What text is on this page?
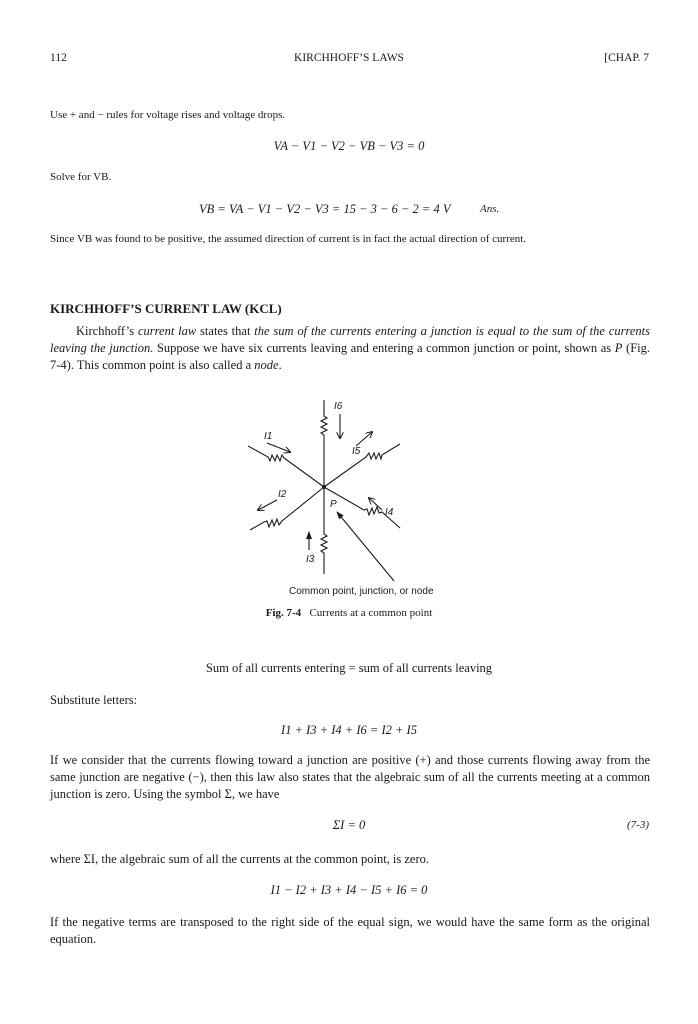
112	KIRCHHOFF’S LAWS	[CHAP. 7
Use + and − rules for voltage rises and voltage drops.
VA − V1 − V2 − VB − V3 = 0
Solve for VB.
VB = VA − V1 − V2 − V3 = 15 − 3 − 6 − 2 = 4 V	Ans.
Since VB was found to be positive, the assumed direction of current is in fact the actual direction of current.
KIRCHHOFF’S CURRENT LAW (KCL)
Kirchhoff’s current law states that the sum of the currents entering a junction is equal to the sum of the currents leaving the junction. Suppose we have six currents leaving and entering a common junction or point, shown as P (Fig. 7-4). This common point is also called a node.
I1
I2
I3
I4
I5
I6
P
Common point, junction, or node
Fig. 7-4 Currents at a common point
Sum of all currents entering = sum of all currents leaving
Substitute letters:
I1 + I3 + I4 + I6 = I2 + I5
If we consider that the currents flowing toward a junction are positive (+) and those currents flowing away from the same junction are negative (−), then this law also states that the algebraic sum of all the currents meeting at a common junction is zero. Using the symbol Σ, we have
ΣI = 0	(7-3)
where ΣI, the algebraic sum of all the currents at the common point, is zero.
I1 − I2 + I3 + I4 − I5 + I6 = 0
If the negative terms are transposed to the right side of the equal sign, we would have the same form as the original equation.
